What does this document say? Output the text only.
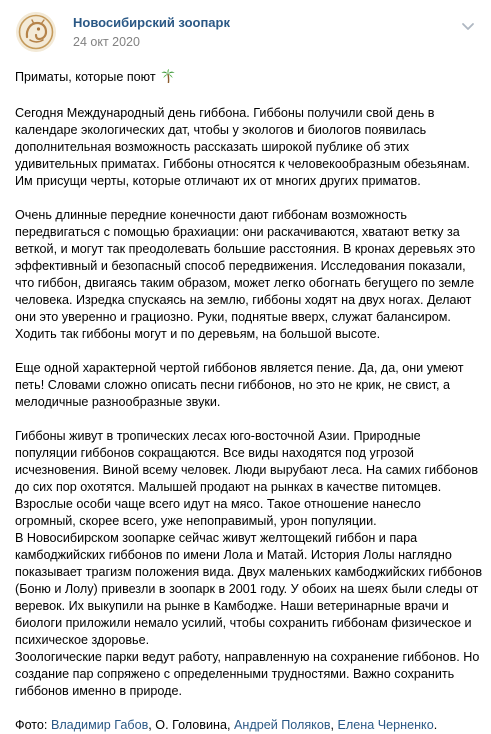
Новосибирский зоопарк
24 окт 2020
Приматы, которые поют

Сегодня Международный день гиббона. Гиббоны получили свой день в календаре экологических дат, чтобы у экологов и биологов появилась дополнительная возможность рассказать широкой публике об этих удивительных приматах. Гиббоны относятся к человекообразным обезьянам. Им присущи черты, которые отличают их от многих других приматов.

Очень длинные передние конечности дают гиббонам возможность передвигаться с помощью брахиации: они раскачиваются, хватают ветку за веткой, и могут так преодолевать большие расстояния. В кронах деревьях это эффективный и безопасный способ передвижения. Исследования показали, что гиббон, двигаясь таким образом, может легко обогнать бегущего по земле человека. Изредка спускаясь на землю, гиббоны ходят на двух ногах. Делают они это уверенно и грациозно. Руки, поднятые вверх, служат балансиром. Ходить так гиббоны могут и по деревьям, на большой высоте.

Еще одной характерной чертой гиббонов является пение. Да, да, они умеют петь! Словами сложно описать песни гиббонов, но это не крик, не свист, а мелодичные разнообразные звуки.

Гиббоны живут в тропических лесах юго-восточной Азии. Природные популяции гиббонов сокращаются. Все виды находятся под угрозой исчезновения. Виной всему человек. Люди вырубают леса. На самих гиббонов до сих пор охотятся. Малышей продают на рынках в качестве питомцев. Взрослые особи чаще всего идут на мясо. Такое отношение нанесло огромный, скорее всего, уже непоправимый, урон популяции.

В Новосибирском зоопарке сейчас живут желтощекий гиббон и пара камбоджийских гиббонов по имени Лола и Матай. История Лолы наглядно показывает трагизм положения вида. Двух маленьких камбоджийских гиббонов (Боню и Лолу) привезли в зоопарк в 2001 году. У обоих на шеях были следы от веревок. Их выкупили на рынке в Камбодже. Наши ветеринарные врачи и биологи приложили немало усилий, чтобы сохранить гиббонам физическое и психическое здоровье.

Зоологические парки ведут работу, направленную на сохранение гиббонов. Но создание пар сопряжено с определенными трудностями. Важно сохранить гиббонов именно в природе.

Фото: Владимир Габов, О. Головина, Андрей Поляков, Елена Черненко.
